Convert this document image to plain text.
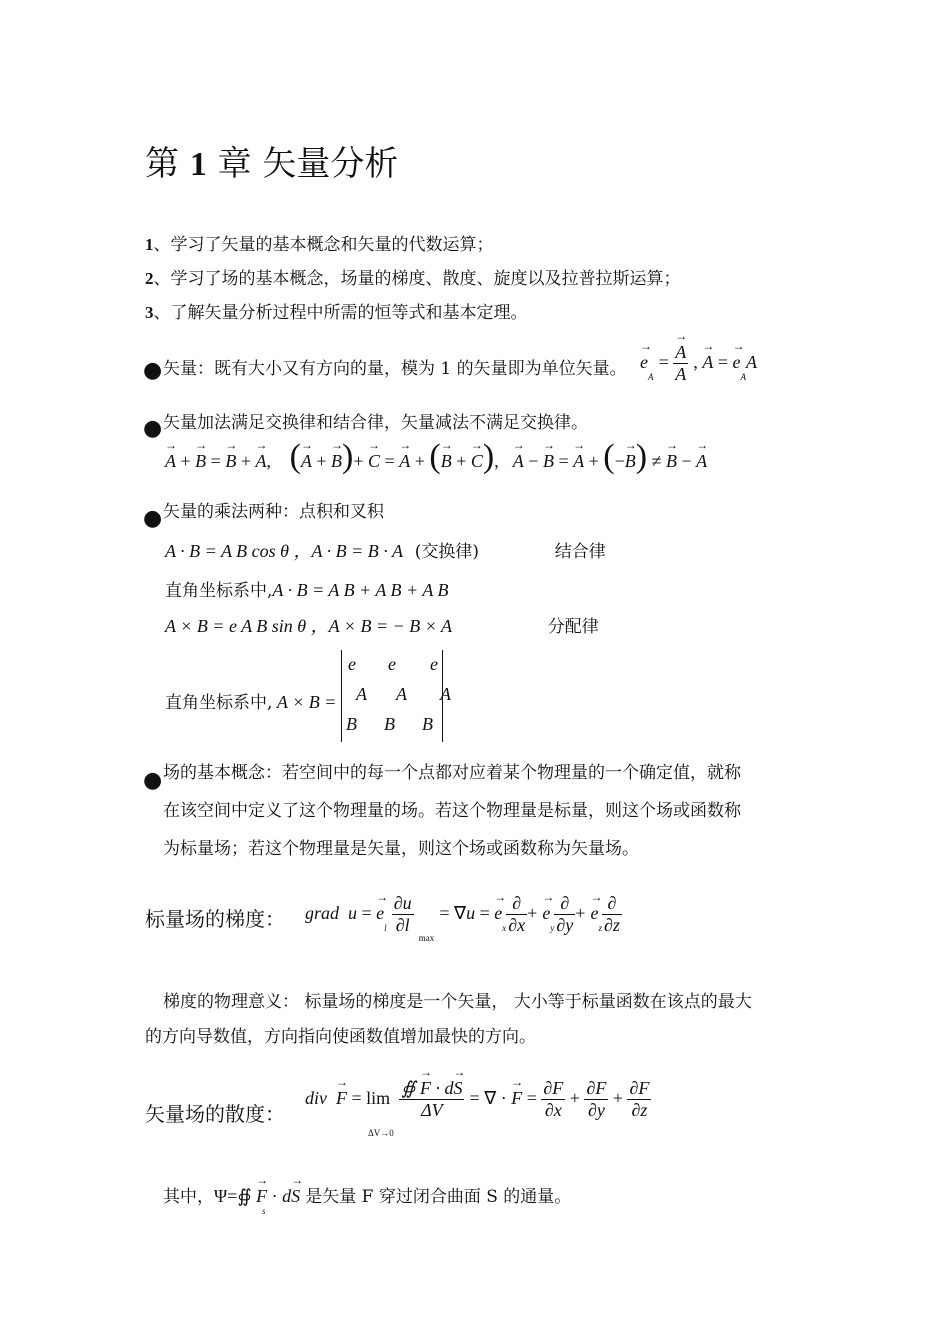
第 1 章 矢量分析
1、学习了矢量的基本概念和矢量的代数运算；
2、学习了场的基本概念，场量的梯度、散度、旋度以及拉普拉斯运算；
3、了解矢量分析过程中所需的恒等式和基本定理。
● 矢量：既有大小又有方向的量，模为 1 的矢量即为单位矢量。 → $e_A$ = → $\frac{A}{A}$ , → A = → $e_AA$
● 矢量加法满足交换律和结合律，矢量减法不满足交换律。
→ A + → B = → B + → A,    (→ A + → B)+ → C = → A + (→ B + → C),   → A − → B = → A + (−→ B) ≠ → B − → A
● 矢量的乘法两种：点积和叉积
A · B = A B cos θ ，A · B = B · A (交换律)	结合律
直角坐标系中,A · B = A B + A B + A B
A × B = e A B sin θ ，A × B = − B × A	分配律
直角坐标系中, A × B =
e e e
A A A
B B B
● 场的基本概念：若空间中的每一个点都对应着某个物理量的一个确定值，就称
在该空间中定义了这个物理量的场。若这个物理量是标量，则这个场或函数称
为标量场；若这个物理量是矢量，则这个场或函数称为矢量场。
标量场的梯度： grad  u = → $e_l \frac{\partial u}{\partial l}$
$_{max}$ = ∇u = → $e_x \frac{\partial}{\partial x}$ + → $e_y \frac{\partial}{\partial y}$ + → $e_z \frac{\partial}{\partial z}$
梯度的物理意义： 标量场的梯度是一个矢量， 大小等于标量函数在该点的最大
的方向导数值，方向指向使函数值增加最快的方向。
矢量场的散度：
div  → $F = \lim \frac{∯ \to F \cdot d\to S}{\Delta V}$ = ∇ · → $F = \frac{\partial F}{\partial x} + \frac{\partial F}{\partial y} + \frac{\partial F}{\partial z}$
ΔV→0
其中，Ψ=∯ → F · d→ S 是矢量 F 穿过闭合曲面 S 的通量。
s
